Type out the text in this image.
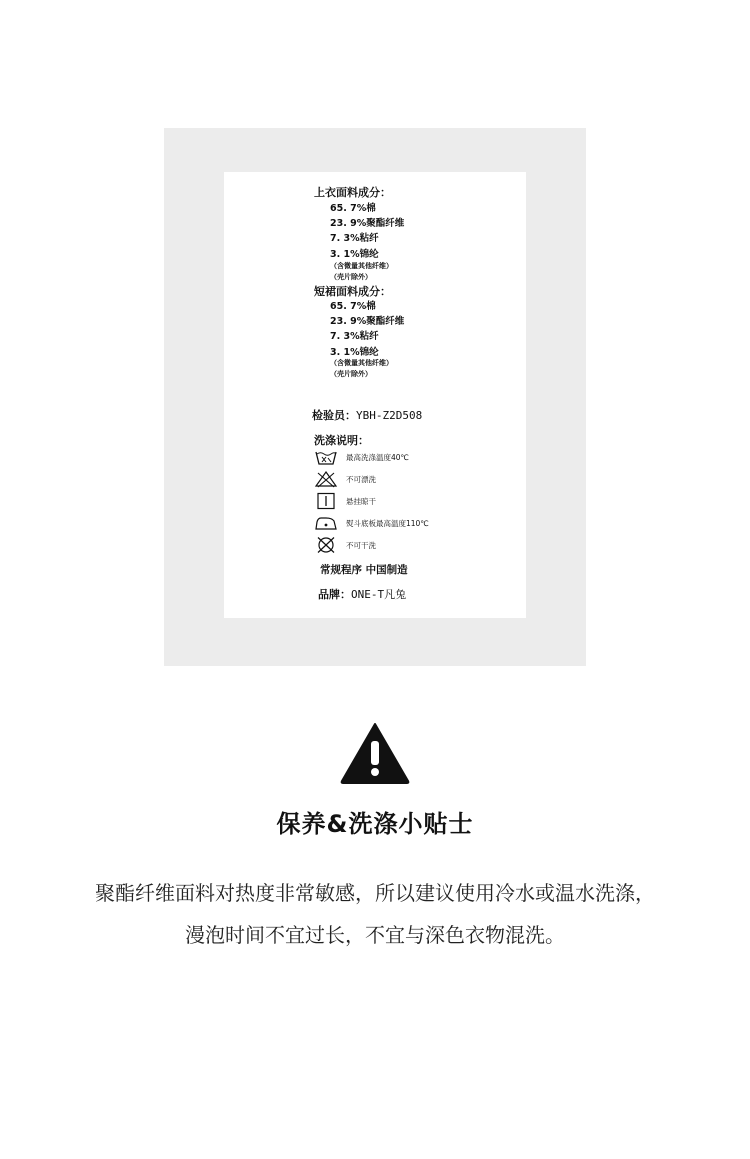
上衣面料成分：
65. 7%棉
23. 9%聚酯纤维
7. 3%粘纤
3. 1%锦纶
（含微量其他纤维）
（壳片除外）
短裙面料成分：
65. 7%棉
23. 9%聚酯纤维
7. 3%粘纤
3. 1%锦纶
（含微量其他纤维）
（壳片除外）
检验员：YBH-Z2D508
洗涤说明：
最高洗涤温度40℃
不可漂洗
悬挂晾干
熨斗底板最高温度110℃
不可干洗
常规程序 中国制造
品牌：ONE-T凡兔
保养&洗涤小贴士
聚酯纤维面料对热度非常敏感，所以建议使用冷水或温水洗涤，
漫泡时间不宜过长，不宜与深色衣物混洗。
